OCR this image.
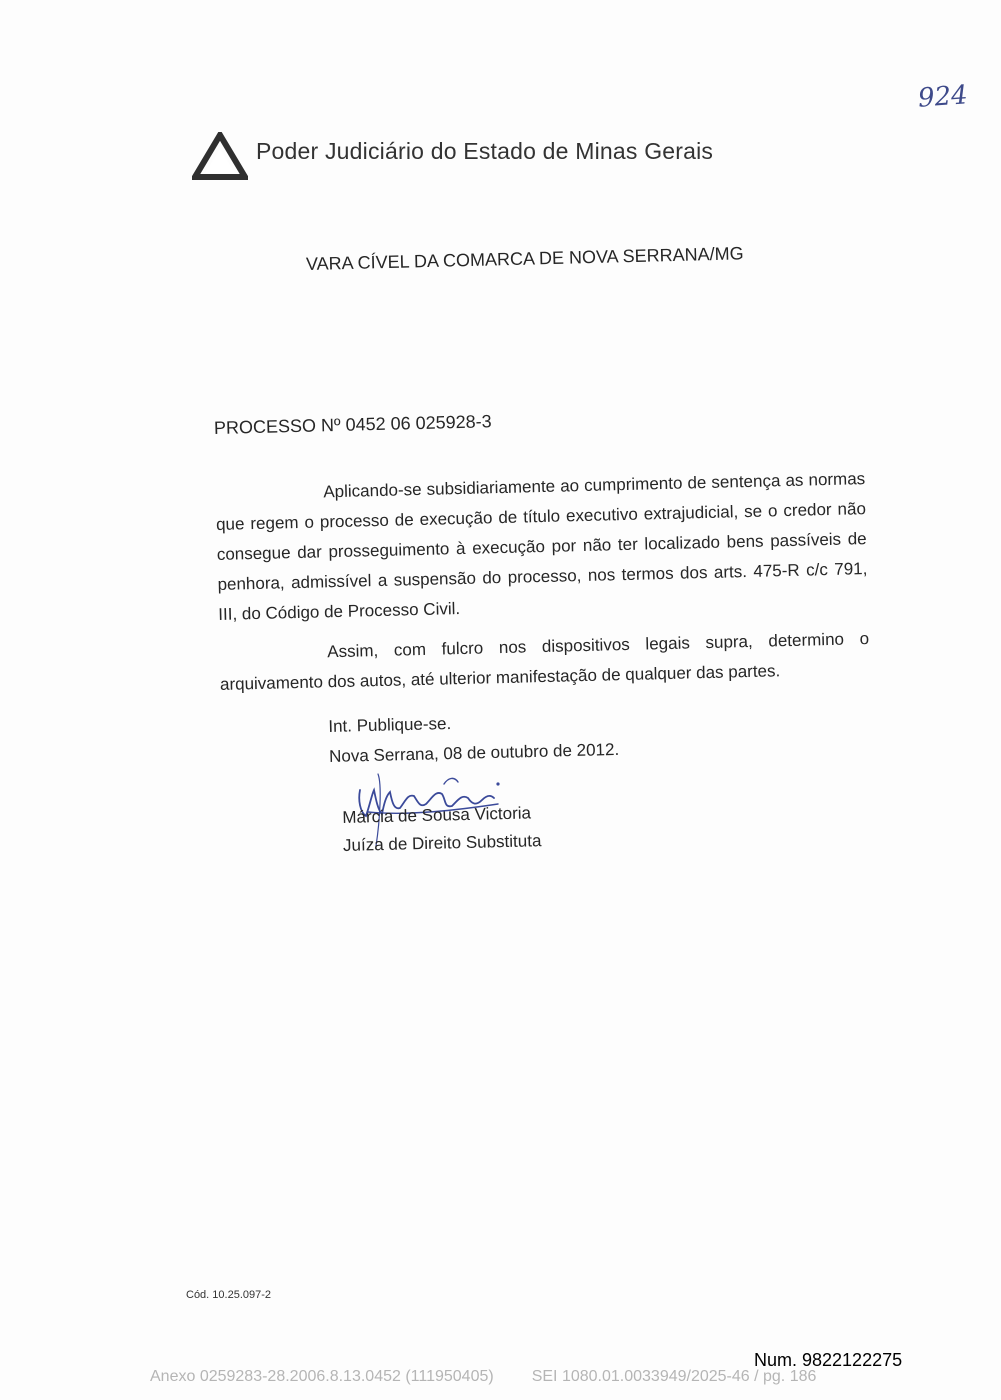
924
Poder Judiciário do Estado de Minas Gerais
VARA CÍVEL DA COMARCA DE NOVA SERRANA/MG
PROCESSO Nº 0452 06 025928-3

Aplicando-se subsidiariamente ao cumprimento de sentença as normas que regem o processo de execução de título executivo extrajudicial, se o credor não consegue dar prosseguimento à execução por não ter localizado bens passíveis de penhora, admissível a suspensão do processo, nos termos dos arts. 475-R c/c 791, III, do Código de Processo Civil.

Assim, com fulcro nos dispositivos legais supra, determino o arquivamento dos autos, até ulterior manifestação de qualquer das partes.

Int. Publique-se.
Nova Serrana, 08 de outubro de 2012.
Márcia de Sousa Victoria
Juíza de Direito Substituta
Cód. 10.25.097-2
Num. 9822122275
Anexo 0259283-28.2006.8.13.0452 (111950405) SEI 1080.01.0033949/2025-46 / pg. 186
